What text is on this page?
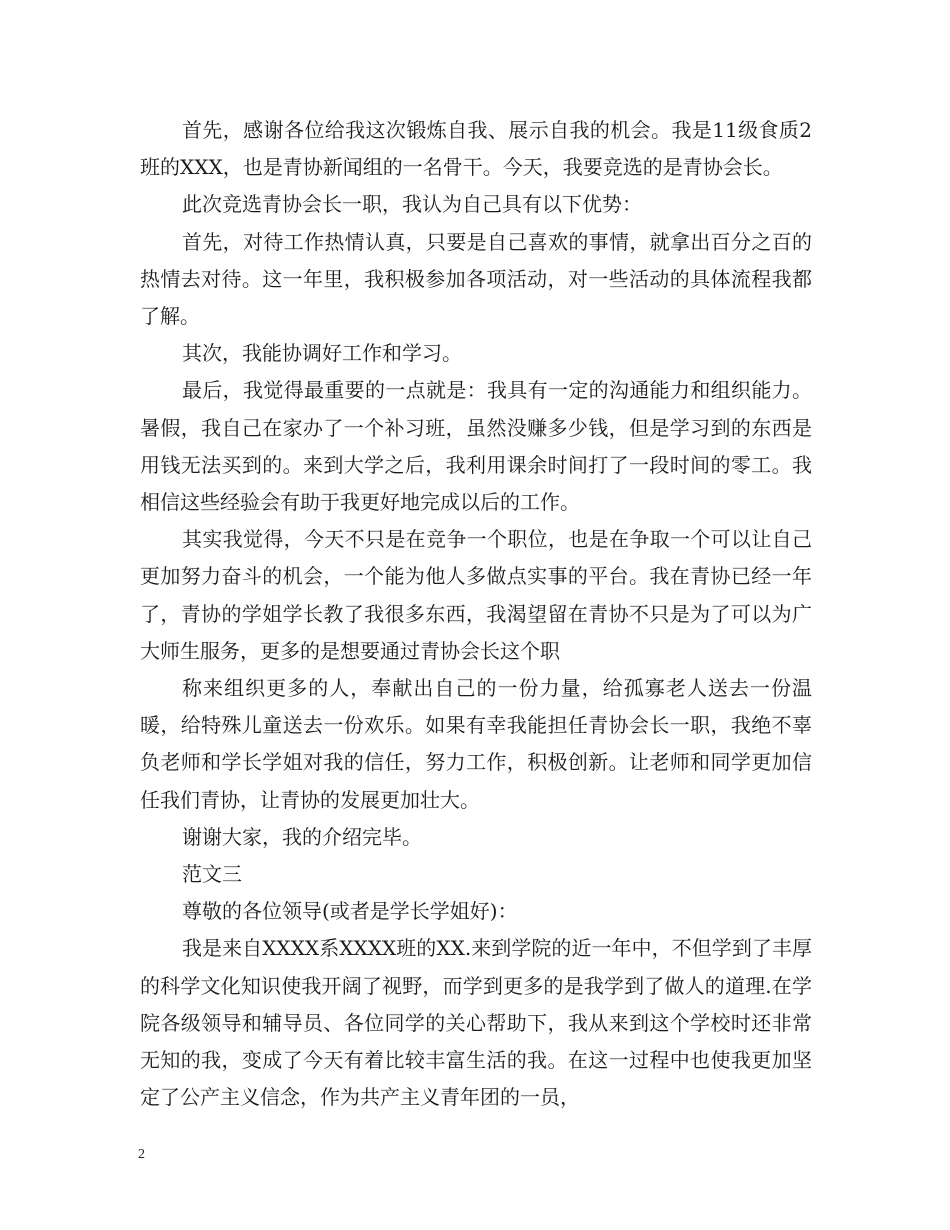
首先，感谢各位给我这次锻炼自我、展示自我的机会。我是11级食质2班的XXX，也是青协新闻组的一名骨干。今天，我要竞选的是青协会长。

此次竞选青协会长一职，我认为自己具有以下优势：

首先，对待工作热情认真，只要是自己喜欢的事情，就拿出百分之百的热情去对待。这一年里，我积极参加各项活动，对一些活动的具体流程我都了解。

其次，我能协调好工作和学习。

最后，我觉得最重要的一点就是：我具有一定的沟通能力和组织能力。暑假，我自己在家办了一个补习班，虽然没赚多少钱，但是学习到的东西是用钱无法买到的。来到大学之后，我利用课余时间打了一段时间的零工。我相信这些经验会有助于我更好地完成以后的工作。

其实我觉得，今天不只是在竞争一个职位，也是在争取一个可以让自己更加努力奋斗的机会，一个能为他人多做点实事的平台。我在青协已经一年了，青协的学姐学长教了我很多东西，我渴望留在青协不只是为了可以为广大师生服务，更多的是想要通过青协会长这个职

称来组织更多的人，奉献出自己的一份力量，给孤寡老人送去一份温暖，给特殊儿童送去一份欢乐。如果有幸我能担任青协会长一职，我绝不辜负老师和学长学姐对我的信任，努力工作，积极创新。让老师和同学更加信任我们青协，让青协的发展更加壮大。

谢谢大家，我的介绍完毕。

范文三

尊敬的各位领导(或者是学长学姐好)：

我是来自XXXX系XXXX班的XX.来到学院的近一年中，不但学到了丰厚的科学文化知识使我开阔了视野，而学到更多的是我学到了做人的道理.在学院各级领导和辅导员、各位同学的关心帮助下，我从来到这个学校时还非常无知的我，变成了今天有着比较丰富生活的我。在这一过程中也使我更加坚定了公产主义信念，作为共产主义青年团的一员，

2
